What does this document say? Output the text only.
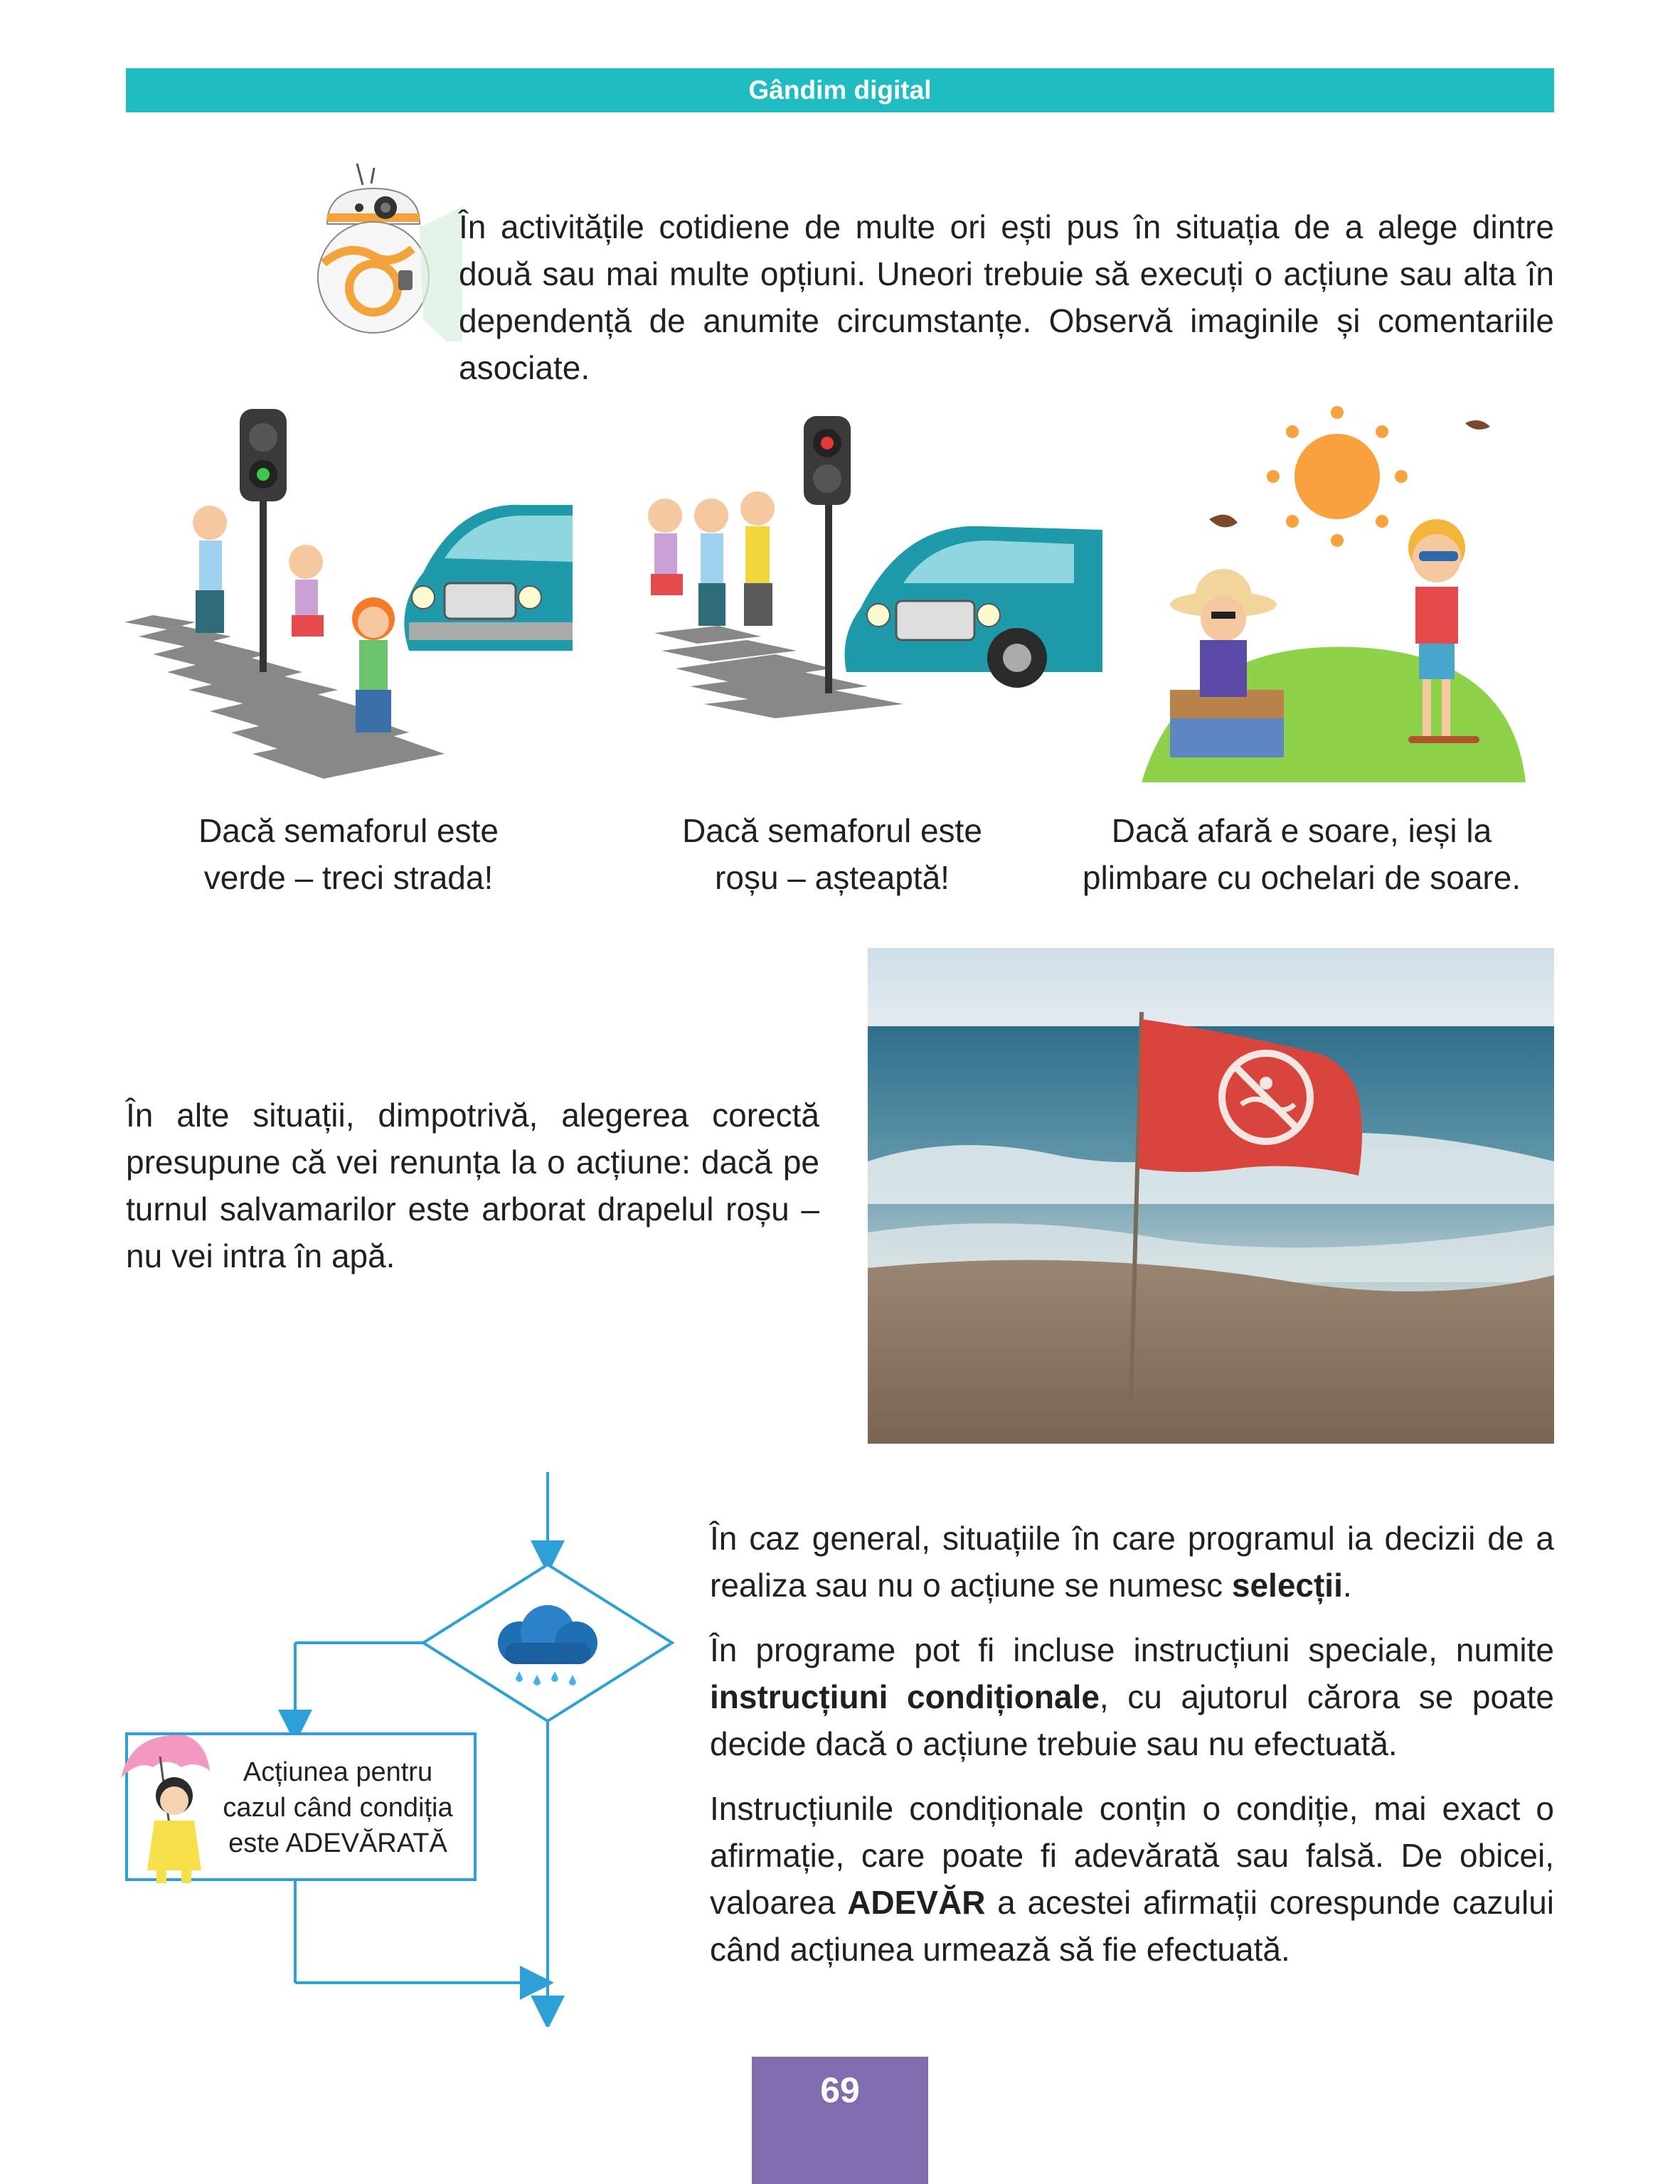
Gândim digital
În activitățile cotidiene de multe ori ești pus în situația de a alege dintre două sau mai multe opțiuni. Uneori trebuie să execuți o acțiune sau alta în dependență de anumite circumstanțe. Observă imaginile și comentariile asociate.
Dacă semaforul este
verde – treci strada!
Dacă semaforul este
roșu – așteaptă!
Dacă afară e soare, ieși la
plimbare cu ochelari de soare.
În alte situații, dimpotrivă, alegerea corectă presupune că vei renunța la o acțiune: dacă pe turnul salvamarilor este arborat drapelul roșu – nu vei intra în apă.
Acțiunea pentru
cazul când condiția
este ADEVĂRATĂ
În caz general, situațiile în care programul ia decizii de a realiza sau nu o acțiune se numesc selecții.
În programe pot fi incluse instrucțiuni speciale, numite instrucțiuni condiționale, cu ajutorul cărora se poate decide dacă o acțiune trebuie sau nu efectuată.
Instrucțiunile condiționale conțin o condiție, mai exact o afirmație, care poate fi adevărată sau falsă. De obicei, valoarea ADEVĂR a acestei afirmații corespunde cazului când acțiunea urmează să fie efectuată.
69
